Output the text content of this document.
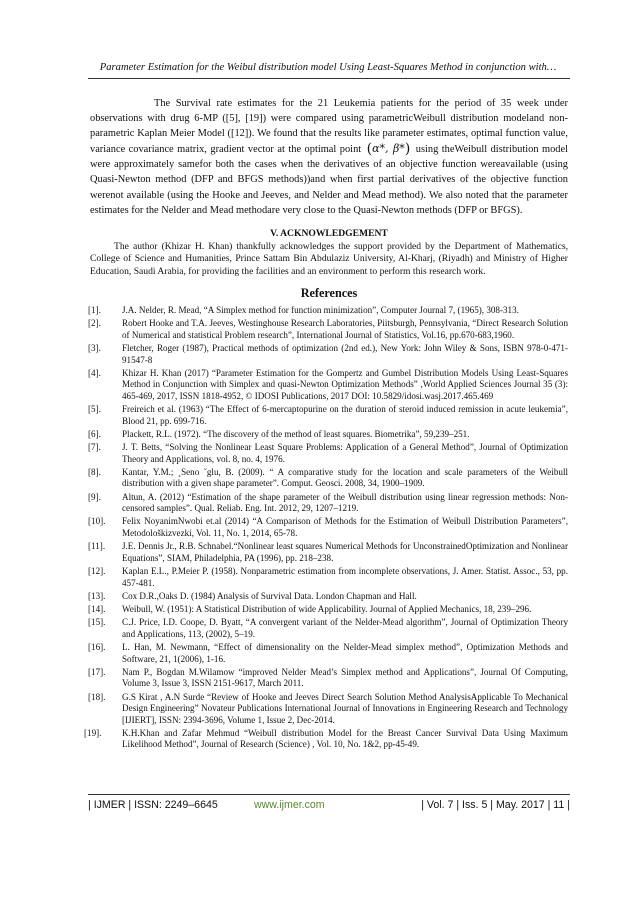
Parameter Estimation for the Weibul distribution model Using Least-Squares Method in conjunction with…

The Survival rate estimates for the 21 Leukemia patients for the period of 35 week under observations with drug 6-MP ([5], [19]) were compared using parametricWeibull distribution modeland non-parametric Kaplan Meier Model ([12]). We found that the results like parameter estimates, optimal function value, variance covariance matrix, gradient vector at the optimal point (α*, β*) using theWeibull distribution model were approximately samefor both the cases when the derivatives of an objective function wereavailable (using Quasi-Newton method (DFP and BFGS methods))and when first partial derivatives of the objective function werenot available (using the Hooke and Jeeves, and Nelder and Mead method). We also noted that the parameter estimates for the Nelder and Mead methodare very close to the Quasi-Newton methods (DFP or BFGS).

V. ACKNOWLEDGEMENT

The author (Khizar H. Khan) thankfully acknowledges the support provided by the Department of Mathematics, College of Science and Humanities, Prince Sattam Bin Abdulaziz University, Al-Kharj, (Riyadh) and Ministry of Higher Education, Saudi Arabia, for providing the facilities and an environment to perform this research work.

References
[1].	J.A. Nelder, R. Mead, “A Simplex method for function minimization”, Computer Journal 7, (1965), 308-313.
[2].	Robert Hooke and T.A. Jeeves, Westinghouse Research Laboratories, Piitsburgh, Pennsylvania, “Direct Research Solution of Numerical and statistical Problem research”, International Journal of Statistics, Vol.16, pp.670-683,1960.
[3].	Fletcher, Roger (1987), Practical methods of optimization (2nd ed.), New York: John Wiley & Sons, ISBN 978-0-471-91547-8
[4].	Khizar H. Khan (2017) “Parameter Estimation for the Gompertz and Gumbel Distribution Models Using Least-Squares Method in Conjunction with Simplex and quasi-Newton Optimization Methods” ,World Applied Sciences Journal 35 (3): 465-469, 2017, ISSN 1818-4952, © IDOSI Publications, 2017 DOI: 10.5829/idosi.wasj.2017.465.469
[5].	Freireich et al. (1963) “The Effect of 6-mercaptopurine on the duration of steroid induced remission in acute leukemia”, Blood 21, pp. 699-716.
[6].	Plackett, R.L. (1972). “The discovery of the method of least squares. Biometrika”, 59,239–251.
[7].	J. T. Betts, “Solving the Nonlinear Least Square Problems: Application of a General Method”, Journal of Optimization Theory and Applications, vol. 8, no. 4, 1976.
[8].	Kantar, Y.M.; ¸Seno ˘glu, B. (2009). “ A comparative study for the location and scale parameters of the Weibull distribution with a given shape parameter”. Comput. Geosci. 2008, 34, 1900–1909.
[9].	Altun, A. (2012) “Estimation of the shape parameter of the Weibull distribution using linear regression methods: Non-censored samples”. Qual. Reliab. Eng. Int. 2012, 29, 1207–1219.
[10].	Felix NoyanimNwobi et.al (2014) “A Comparison of Methods for the Estimation of Weibull Distribution Parameters”, Metodološkizvezki, Vol. 11, No. 1, 2014, 65-78.
[11].	J.E. Dennis Jr., R.B. Schnabel.“Nonlinear least squares Numerical Methods for UnconstrainedOptimization and Nonlinear Equations”, SIAM, Philadelphia, PA (1996), pp. 218–238.
[12].	Kaplan E.L., P.Meier P. (1958). Nonparametric estimation from incomplete observations, J. Amer. Statist. Assoc., 53, pp. 457-481.
[13].	Cox D.R.,Oaks D. (1984) Analysis of Survival Data. London Chapman and Hall.
[14].	Weibull, W. (1951): A Statistical Distribution of wide Applicability. Journal of Applied Mechanics, 18, 239–296.
[15].	C.J. Price, I.D. Coope, D. Byatt, “A convergent variant of the Nelder-Mead algorithm”, Journal of Optimization Theory and Applications, 113, (2002), 5–19.
[16].	L. Han, M. Newmann, “Effect of dimensionality on the Nelder-Mead simplex method”, Optimization Methods and Software, 21, 1(2006), 1-16.
[17].	Nam P., Bogdan M.Wilamow “improved Nelder Mead’s Simplex method and Applications”, Journal Of Computing, Volume 3, Issue 3, ISSN 2151-9617, March 2011.
[18].	G.S Kirat , A.N Surde “Review of Hooke and Jeeves Direct Search Solution Method AnalysisApplicable To Mechanical Design Engineering” Novateur Publications International Journal of Innovations in Engineering Research and Technology [IJIERT], ISSN: 2394-3696, Volume 1, Issue 2, Dec-2014.
[19].	K.H.Khan and Zafar Mehmud “Weibull distribution Model for the Breast Cancer Survival Data Using Maximum Likelihood Method”, Journal of Research (Science) , Vol. 10, No. 1&2, pp-45-49.
| IJMER | ISSN: 2249–6645	www.ijmer.com	| Vol. 7 | Iss. 5 | May. 2017 | 11 |
